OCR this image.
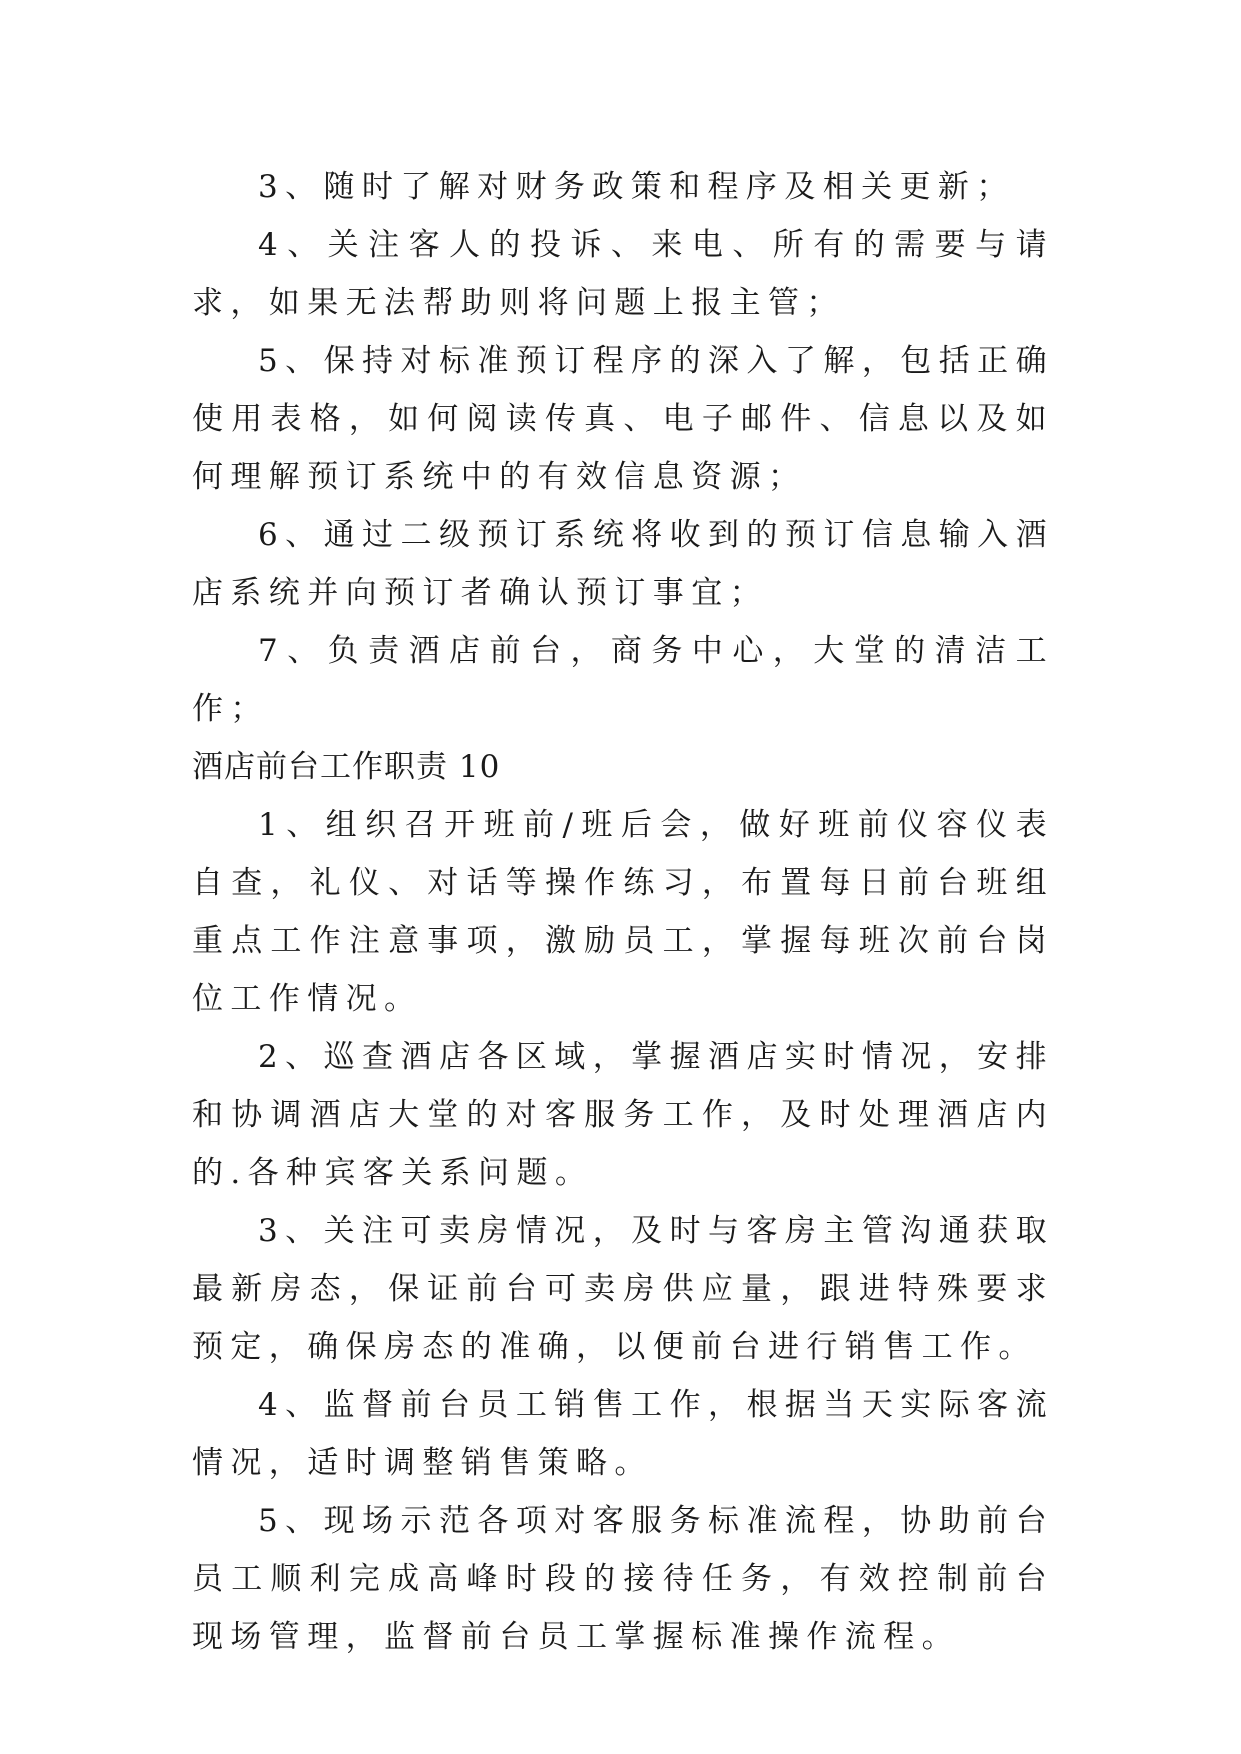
3、随时了解对财务政策和程序及相关更新；

4、关注客人的投诉、来电、所有的需要与请求，如果无法帮助则将问题上报主管；

5、保持对标准预订程序的深入了解，包括正确使用表格，如何阅读传真、电子邮件、信息以及如何理解预订系统中的有效信息资源；

6、通过二级预订系统将收到的预订信息输入酒店系统并向预订者确认预订事宜；

7、负责酒店前台，商务中心，大堂的清洁工作；

酒店前台工作职责 10

1、组织召开班前/班后会，做好班前仪容仪表自查，礼仪、对话等操作练习，布置每日前台班组重点工作注意事项，激励员工，掌握每班次前台岗位工作情况。

2、巡查酒店各区域，掌握酒店实时情况，安排和协调酒店大堂的对客服务工作，及时处理酒店内的.各种宾客关系问题。

3、关注可卖房情况，及时与客房主管沟通获取最新房态，保证前台可卖房供应量，跟进特殊要求预定，确保房态的准确，以便前台进行销售工作。

4、监督前台员工销售工作，根据当天实际客流情况，适时调整销售策略。

5、现场示范各项对客服务标准流程，协助前台员工顺利完成高峰时段的接待任务，有效控制前台现场管理，监督前台员工掌握标准操作流程。
